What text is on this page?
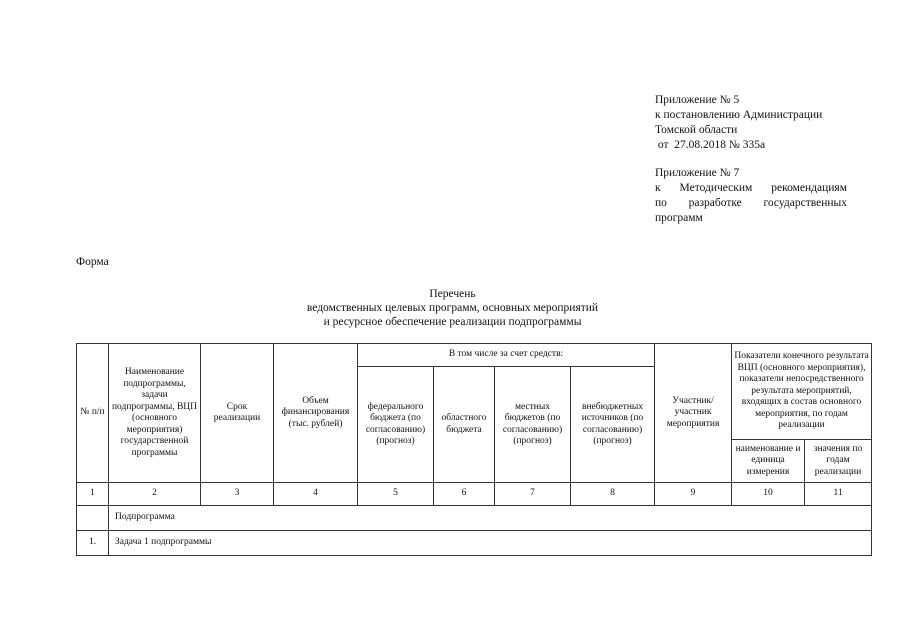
Приложение № 5
к постановлению Администрации
Томской области
от  27.08.2018 № 335а
Приложение № 7
к Методическим рекомендациям
по разработке государственных
программ
Форма
Перечень
ведомственных целевых программ, основных мероприятий
и ресурсное обеспечение реализации подпрограммы
№ п/п	Наименование подпрограммы, задачи подпрограммы, ВЦП (основного мероприятия) государственной программы	Срок реализации	Объем финансирования (тыс. рублей)	В том числе за счет средств:				Участник/ участник мероприятия	Показатели конечного результата ВЦП (основного мероприятия), показатели непосредственного результата мероприятий, входящих в состав основного мероприятия, по годам реализации	
				федерального бюджета (по согласованию) (прогноз)	областного бюджета	местных бюджетов (по согласованию) (прогноз)	внебюджетных источников (по согласованию) (прогноз)			
									наименование и единица измерения	значения по годам реализации
1	2	3	4	5	6	7	8	9	10	11
	Подпрограмма									
1.	Задача 1 подпрограммы									
